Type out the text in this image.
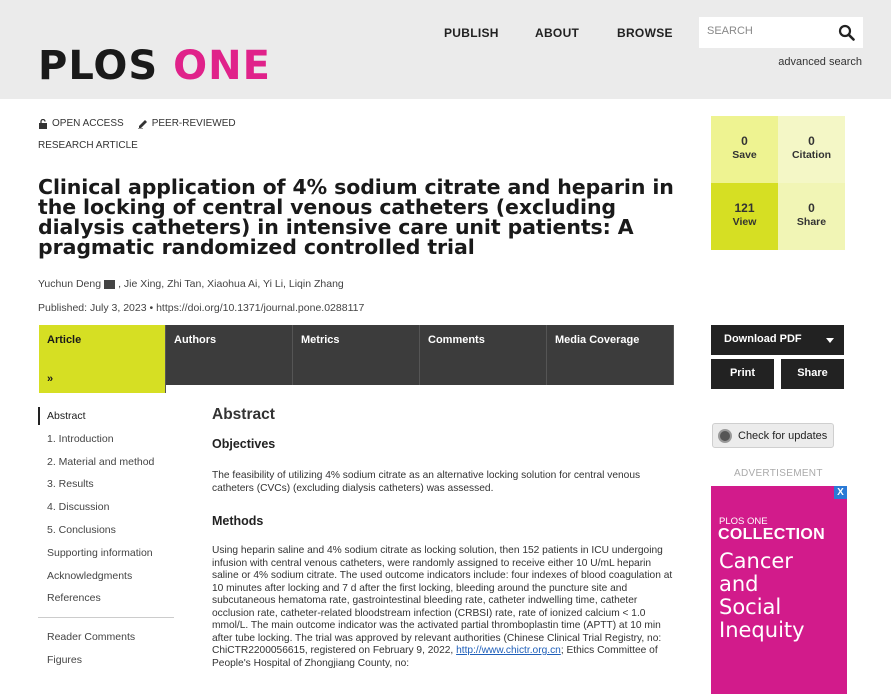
PLOS ONE
PUBLISH	ABOUT	BROWSE
SEARCH
advanced search
OPEN ACCESS	PEER-REVIEWED
RESEARCH ARTICLE
Clinical application of 4% sodium citrate and heparin in the locking of central venous catheters (excluding dialysis catheters) in intensive care unit patients: A pragmatic randomized controlled trial
Yuchun Deng , Jie Xing, Zhi Tan, Xiaohua Ai, Yi Li, Liqin Zhang
Published: July 3, 2023 • https://doi.org/10.1371/journal.pone.0288117
Article
»
Authors	Metrics	Comments	Media Coverage
0
Save
0
Citation
121
View
0
Share
Download PDF
Print	Share
Check for updates
ADVERTISEMENT
X
PLOS ONE
COLLECTION
Cancer
and
Social
Inequity
Abstract
1. Introduction
2. Material and method
3. Results
4. Discussion
5. Conclusions
Supporting information
Acknowledgments
References
Reader Comments
Figures
Abstract
Objectives

The feasibility of utilizing 4% sodium citrate as an alternative locking solution for central venous catheters (CVCs) (excluding dialysis catheters) was assessed.

Methods

Using heparin saline and 4% sodium citrate as locking solution, then 152 patients in ICU undergoing infusion with central venous catheters, were randomly assigned to receive either 10 U/mL heparin saline or 4% sodium citrate. The used outcome indicators include: four indexes of blood coagulation at 10 minutes after locking and 7 d after the first locking, bleeding around the puncture site and subcutaneous hematoma rate, gastrointestinal bleeding rate, catheter indwelling time, catheter occlusion rate, catheter-related bloodstream infection (CRBSI) rate, rate of ionized calcium < 1.0 mmol/L. The main outcome indicator was the activated partial thromboplastin time (APTT) at 10 min after tube locking. The trial was approved by relevant authorities (Chinese Clinical Trial Registry, no: ChiCTR2200056615, registered on February 9, 2022, http://www.chictr.org.cn; Ethics Committee of People's Hospital of Zhongjiang County, no:
